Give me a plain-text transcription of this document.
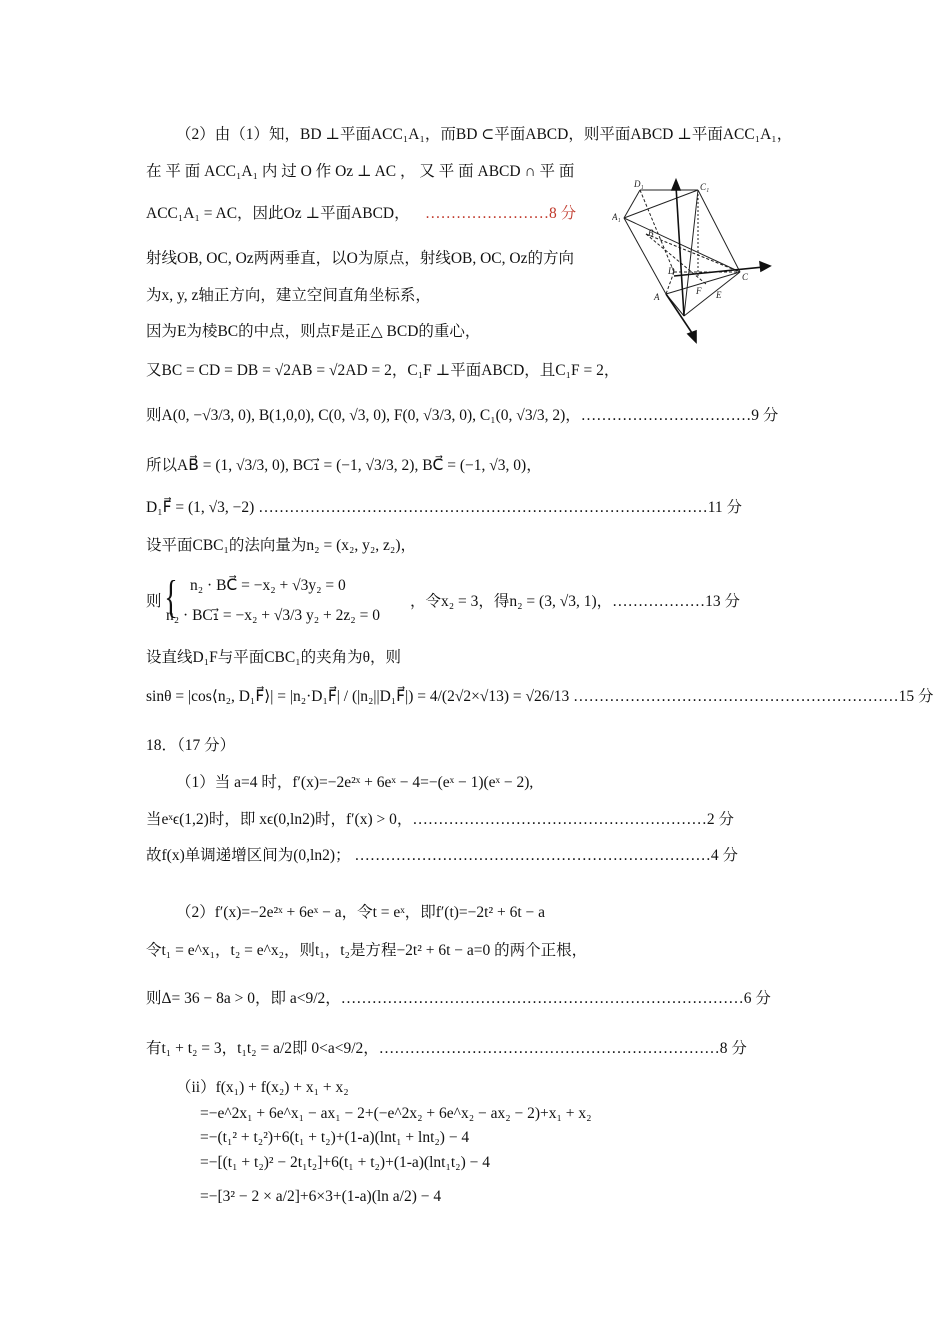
（2）由（1）知，BD ⊥平面ACC₁A₁，而BD ⊂平面ABCD，则平面ABCD ⊥平面ACC₁A₁，
在 平 面 ACC₁A₁ 内 过 O 作 Oz ⊥ AC ， 又 平 面 ABCD ∩ 平 面
ACC₁A₁ = AC，因此Oz ⊥平面ABCD， ……………………8 分
射线OB, OC, Oz两两垂直，以O为原点，射线OB, OC, Oz的方向
为x, y, z轴正方向，建立空间直角坐标系，
因为E为棱BC的中点，则点F是正△ BCD的重心，
又BC = CD = DB = √2AB = √2AD = 2，C₁F ⊥平面ABCD，且C₁F = 2，
则A(0, −√3/3, 0), B(1,0,0), C(0, √3, 0), F(0, √3/3, 0), C₁(0, √3/3, 2)，……………………………9 分
所以AB⃗ = (1, √3/3, 0), BC₁⃗ = (−1, √3/3, 2), BC⃗ = (−1, √3, 0)，
D₁F⃗ = (1, √3, −2) ……………………………………………………………………………11 分
设平面CBC₁的法向量为n₂ = (x₂, y₂, z₂)，
n₂ · BC⃗ = −x₂ + √3y₂ = 0
则 {
n₂ · BC₁⃗ = −x₂ + √3/3 y₂ + 2z₂ = 0
，令x₂ = 3，得n₂ = (3, √3, 1)，………………13 分
设直线D₁F与平面CBC₁的夹角为θ，则
sinθ = |cos⟨n₂, D₁F⃗⟩| = |n₂·D₁F⃗| / (|n₂||D₁F⃗|) = 4/(2√2×√13) = √26/13 ………………………………………………………15 分
18．（17 分）
（1）当 a=4 时，f′(x)=−2e²ˣ + 6eˣ − 4=−(eˣ − 1)(eˣ − 2),
当eˣϵ(1,2)时，即 xϵ(0,ln2)时，f′(x) > 0，…………………………………………………2 分
故f(x)单调递增区间为(0,ln2)； ……………………………………………………………4 分
（2）f′(x)=−2e²ˣ + 6eˣ − a，令t = eˣ，即f′(t)=−2t² + 6t − a
令t₁ = e^x₁，t₂ = e^x₂，则t₁，t₂是方程−2t² + 6t − a=0 的两个正根，
则Δ= 36 − 8a > 0，即 a<9/2，……………………………………………………………………6 分
有t₁ + t₂ = 3，t₁t₂ = a/2即 0<a<9/2，…………………………………………………………8 分
（ii）f(x₁) + f(x₂) + x₁ + x₂
=−e^2x₁ + 6e^x₁ − ax₁ − 2+(−e^2x₂ + 6e^x₂ − ax₂ − 2)+x₁ + x₂
=−(t₁² + t₂²)+6(t₁ + t₂)+(1-a)(lnt₁ + lnt₂) − 4
=−[(t₁ + t₂)² − 2t₁t₂]+6(t₁ + t₂)+(1-a)(lnt₁t₂) − 4
=−[3² − 2 × a/2]+6×3+(1-a)(ln a/2) − 4
D₁	C₁
A₁
B
D
C
F E
A
